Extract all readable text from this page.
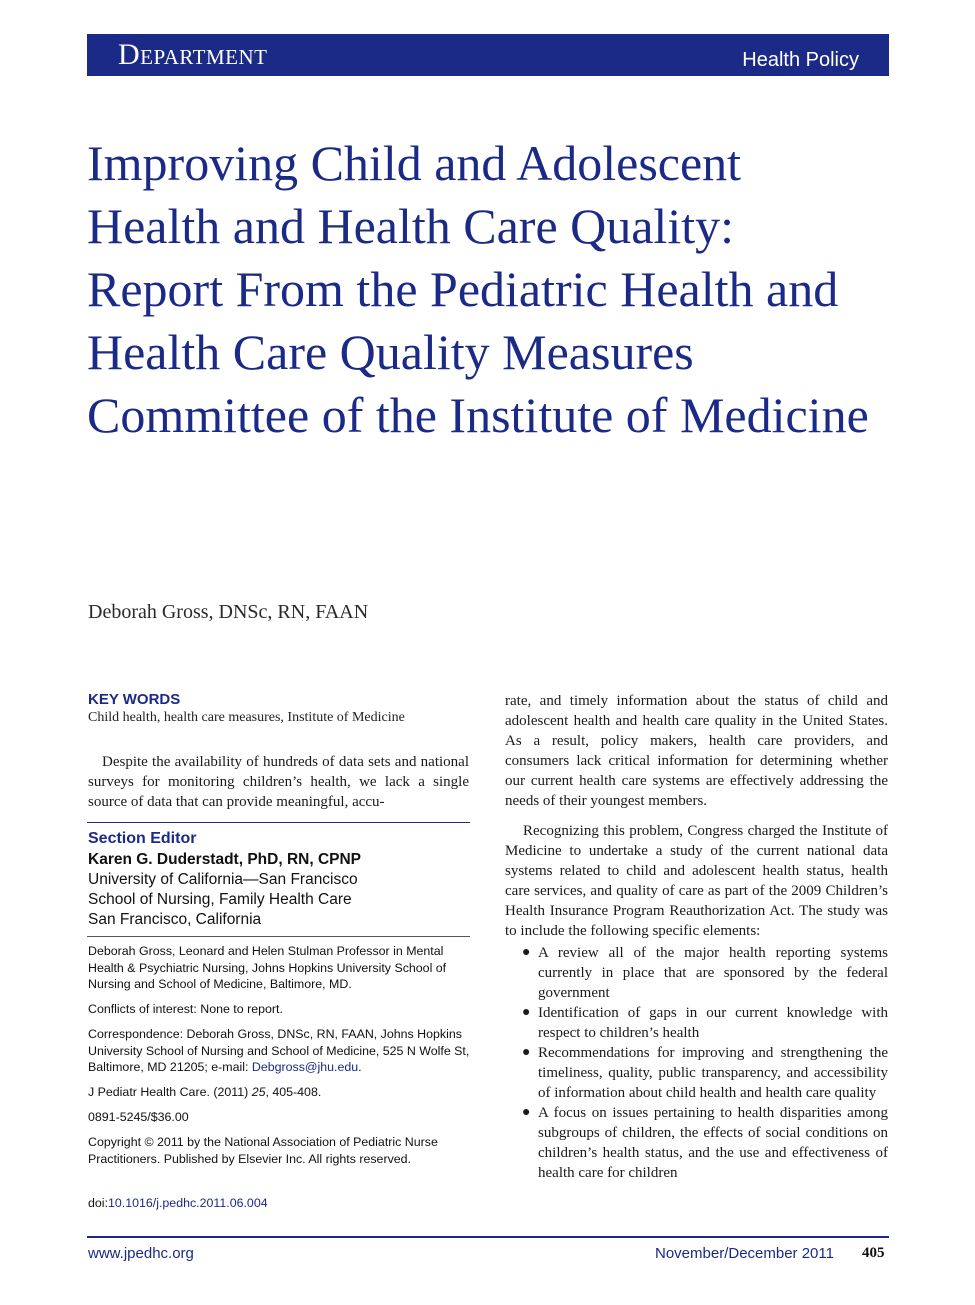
Department	Health Policy
Improving Child and Adolescent Health and Health Care Quality: Report From the Pediatric Health and Health Care Quality Measures Committee of the Institute of Medicine
Deborah Gross, DNSc, RN, FAAN
KEY WORDS
Child health, health care measures, Institute of Medicine

Despite the availability of hundreds of data sets and national surveys for monitoring children’s health, we lack a single source of data that can provide meaningful, accu-

Section Editor
Karen G. Duderstadt, PhD, RN, CPNP
University of California—San Francisco
School of Nursing, Family Health Care
San Francisco, California
Deborah Gross, Leonard and Helen Stulman Professor in Mental Health & Psychiatric Nursing, Johns Hopkins University School of Nursing and School of Medicine, Baltimore, MD.
Conflicts of interest: None to report.
Correspondence: Deborah Gross, DNSc, RN, FAAN, Johns Hopkins University School of Nursing and School of Medicine, 525 N Wolfe St, Baltimore, MD 21205; e-mail: Debgross@jhu.edu.
J Pediatr Health Care. (2011) 25, 405-408.
0891-5245/$36.00
Copyright © 2011 by the National Association of Pediatric Nurse Practitioners. Published by Elsevier Inc. All rights reserved.
doi:10.1016/j.pedhc.2011.06.004

rate, and timely information about the status of child and adolescent health and health care quality in the United States. As a result, policy makers, health care providers, and consumers lack critical information for determining whether our current health care systems are effectively addressing the needs of their youngest members.

Recognizing this problem, Congress charged the Institute of Medicine to undertake a study of the current national data systems related to child and adolescent health status, health care services, and quality of care as part of the 2009 Children’s Health Insurance Program Reauthorization Act. The study was to include the following specific elements:

● A review all of the major health reporting systems currently in place that are sponsored by the federal government
● Identification of gaps in our current knowledge with respect to children’s health
● Recommendations for improving and strengthening the timeliness, quality, public transparency, and accessibility of information about child health and health care quality
● A focus on issues pertaining to health disparities among subgroups of children, the effects of social conditions on children’s health status, and the use and effectiveness of health care for children
www.jpedhc.org	November/December 2011 405
